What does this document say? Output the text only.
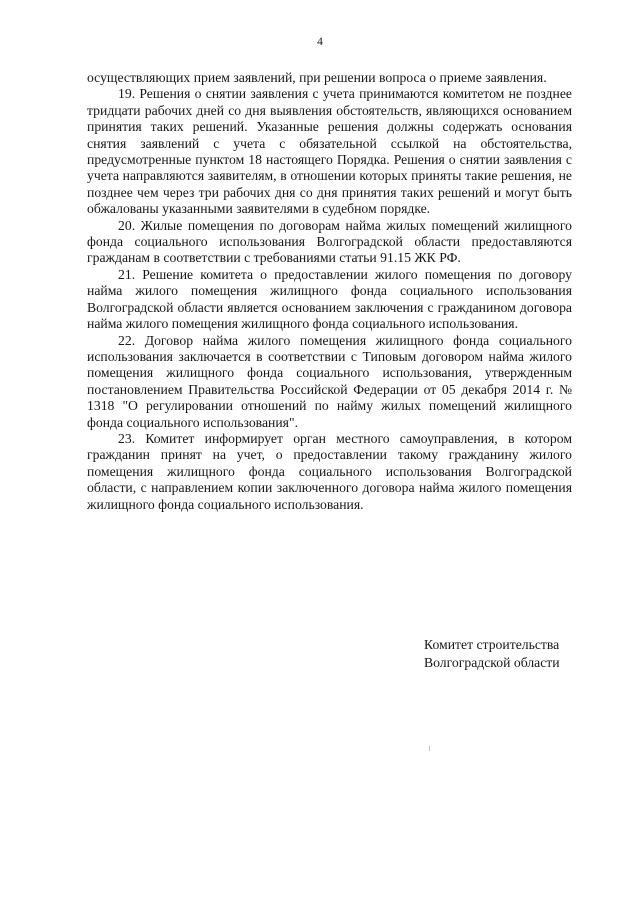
4

осуществляющих прием заявлений, при решении вопроса о приеме заявления.

19. Решения о снятии заявления с учета принимаются комитетом не позднее тридцати рабочих дней со дня выявления обстоятельств, являющихся основанием принятия таких решений. Указанные решения должны содержать основания снятия заявлений с учета с обязательной ссылкой на обстоятельства, предусмотренные пунктом 18 настоящего Порядка. Решения о снятии заявления с учета направляются заявителям, в отношении которых приняты такие решения, не позднее чем через три рабочих дня со дня принятия таких решений и могут быть обжалованы указанными заявителями в судебном порядке.

20. Жилые помещения по договорам найма жилых помещений жилищного фонда социального использования Волгоградской области предоставляются гражданам в соответствии с требованиями статьи 91.15 ЖК РФ.

21. Решение комитета о предоставлении жилого помещения по договору найма жилого помещения жилищного фонда социального использования Волгоградской области является основанием заключения с гражданином договора найма жилого помещения жилищного фонда социального использования.

22. Договор найма жилого помещения жилищного фонда социального использования заключается в соответствии с Типовым договором найма жилого помещения жилищного фонда социального использования, утвержденным постановлением Правительства Российской Федерации от 05 декабря 2014 г. № 1318 "О регулировании отношений по найму жилых помещений жилищного фонда социального использования".

23. Комитет информирует орган местного самоуправления, в котором гражданин принят на учет, о предоставлении такому гражданину жилого помещения жилищного фонда социального использования Волгоградской области, с направлением копии заключенного договора найма жилого помещения жилищного фонда социального использования.

Комитет строительства
Волгоградской области
